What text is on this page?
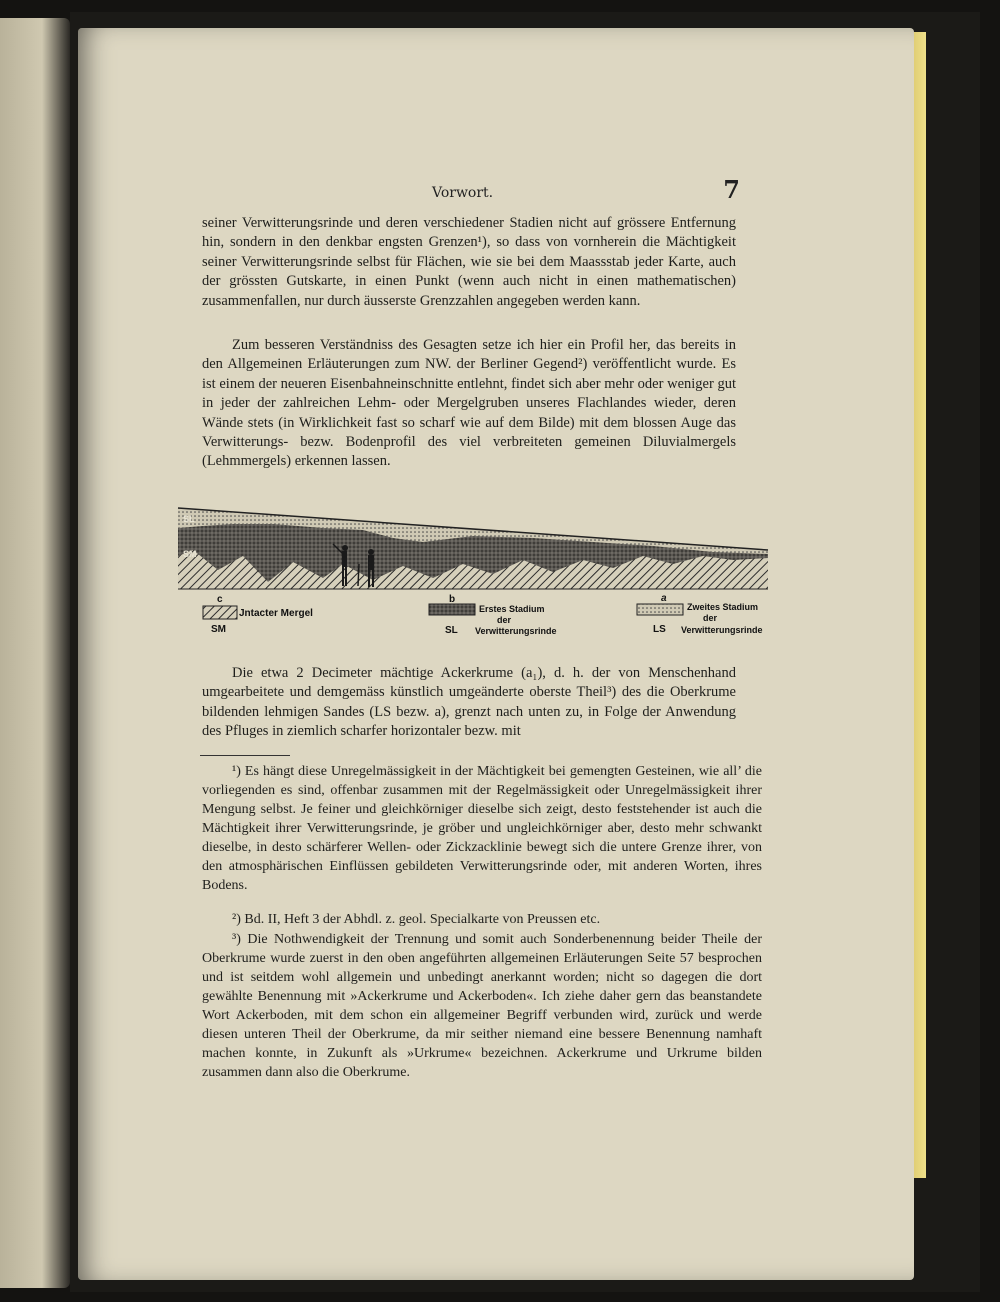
Vorwort.	7

seiner Verwitterungsrinde und deren verschiedener Stadien nicht auf grössere Entfernung hin, sondern in den denkbar engsten Grenzen¹), so dass von vornherein die Mächtigkeit seiner Verwitterungsrinde selbst für Flächen, wie sie bei dem Maassstab jeder Karte, auch der grössten Gutskarte, in einen Punkt (wenn auch nicht in einen mathematischen) zusammenfallen, nur durch äusserste Grenzzahlen angegeben werden kann.

Zum besseren Verständniss des Gesagten setze ich hier ein Profil her, das bereits in den Allgemeinen Erläuterungen zum NW. der Berliner Gegend²) veröffentlicht wurde. Es ist einem der neueren Eisenbahneinschnitte entlehnt, findet sich aber mehr oder weniger gut in jeder der zahlreichen Lehm- oder Mergelgruben unseres Flachlandes wieder, deren Wände stets (in Wirklichkeit fast so scharf wie auf dem Bilde) mit dem blossen Auge das Verwitterungs- bezw. Bodenprofil des viel verbreiteten gemeinen Diluvialmergels (Lehmmergels) erkennen lassen.

SL
SM
c
Jntacter Mergel
SM
b
Erstes Stadium
der
Verwitterungsrinde
SL
a
Zweites Stadium
der
Verwitterungsrinde
LS

Die etwa 2 Decimeter mächtige Ackerkrume (a₁), d. h. der von Menschenhand umgearbeitete und demgemäss künstlich umgeänderte oberste Theil³) des die Oberkrume bildenden lehmigen Sandes (LS bezw. a), grenzt nach unten zu, in Folge der Anwendung des Pfluges in ziemlich scharfer horizontaler bezw. mit

¹) Es hängt diese Unregelmässigkeit in der Mächtigkeit bei gemengten Gesteinen, wie all’ die vorliegenden es sind, offenbar zusammen mit der Regelmässigkeit oder Unregelmässigkeit ihrer Mengung selbst. Je feiner und gleichkörniger dieselbe sich zeigt, desto feststehender ist auch die Mächtigkeit ihrer Verwitterungsrinde, je gröber und ungleichkörniger aber, desto mehr schwankt dieselbe, in desto schärferer Wellen- oder Zickzacklinie bewegt sich die untere Grenze ihrer, von den atmosphärischen Einflüssen gebildeten Verwitterungsrinde oder, mit anderen Worten, ihres Bodens.

²) Bd. II, Heft 3 der Abhdl. z. geol. Specialkarte von Preussen etc.

³) Die Nothwendigkeit der Trennung und somit auch Sonderbenennung beider Theile der Oberkrume wurde zuerst in den oben angeführten allgemeinen Erläuterungen Seite 57 besprochen und ist seitdem wohl allgemein und unbedingt anerkannt worden; nicht so dagegen die dort gewählte Benennung mit »Ackerkrume und Ackerboden«. Ich ziehe daher gern das beanstandete Wort Ackerboden, mit dem schon ein allgemeiner Begriff verbunden wird, zurück und werde diesen unteren Theil der Oberkrume, da mir seither niemand eine bessere Benennung namhaft machen konnte, in Zukunft als »Urkrume« bezeichnen. Ackerkrume und Urkrume bilden zusammen dann also die Oberkrume.
